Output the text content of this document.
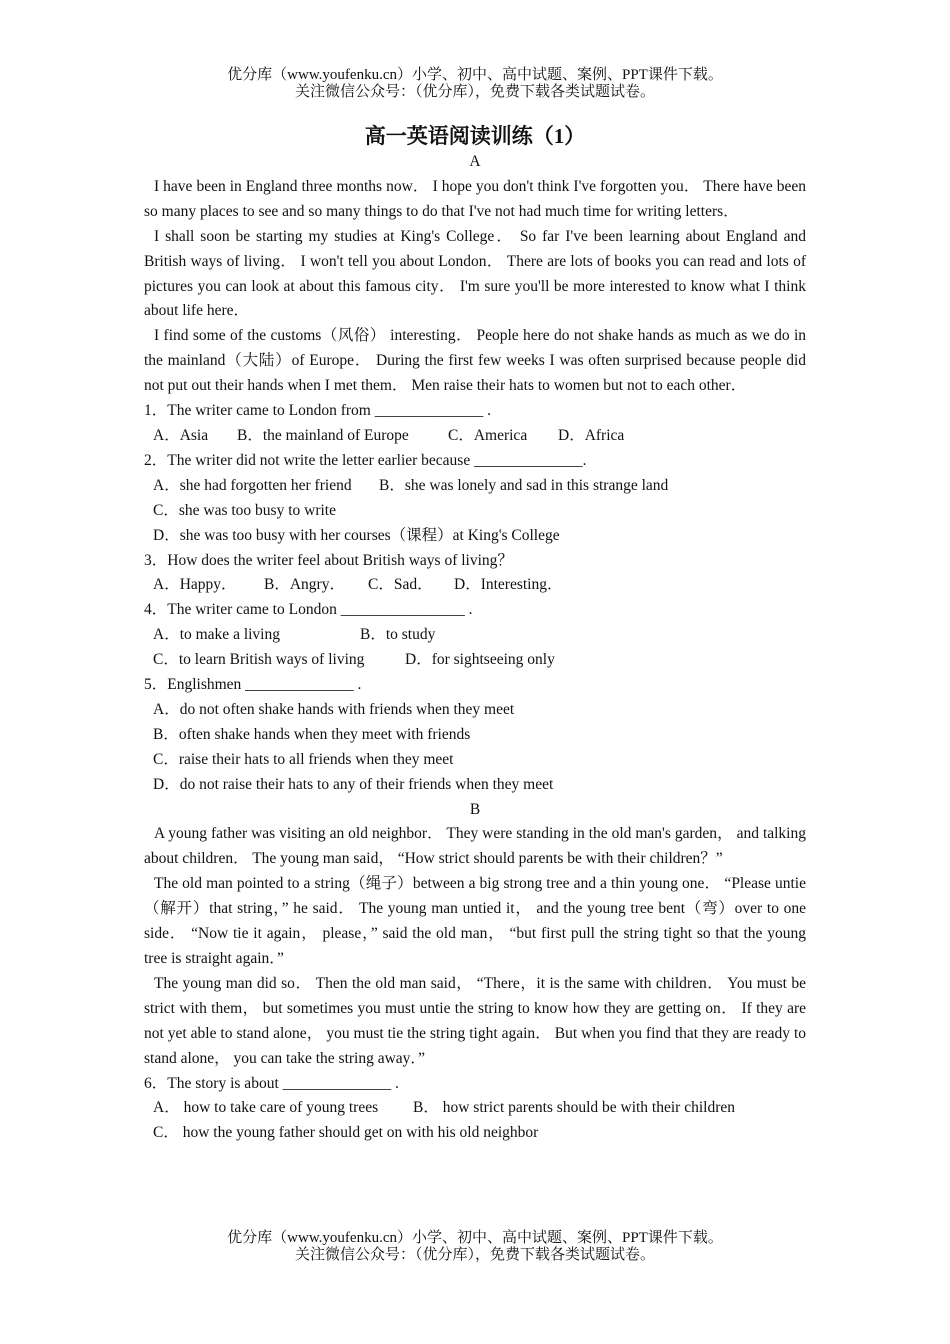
优分库（www.youfenku.cn）小学、初中、高中试题、案例、PPT课件下载。
关注微信公众号：（优分库），免费下载各类试题试卷。
高一英语阅读训练（1）
A

I have been in England three months now． I hope you don't think I've forgotten you． There have been so many places to see and so many things to do that I've not had much time for writing letters．

I shall soon be starting my studies at King's College． So far I've been learning about England and British ways of living． I won't tell you about London． There are lots of books you can read and lots of pictures you can look at about this famous city． I'm sure you'll be more interested to know what I think about life here．

I find some of the customs（风俗） interesting． People here do not shake hands as much as we do in the mainland（大陆）of Europe． During the first few weeks I was often surprised because people did not put out their hands when I met them． Men raise their hats to women but not to each other．

1．The writer came to London from ______________ .
A．Asia B．the mainland of Europe	C．America D．Africa
2．The writer did not write the letter earlier because ______________.
A．she had forgotten her friend B．she was lonely and sad in this strange land
C．she was too busy to write
D．she was too busy with her courses（课程）at King's College
3．How does the writer feel about British ways of living？
A．Happy． B．Angry． C．Sad． D．Interesting．
4．The writer came to London ________________ .
A．to make a living	B．to study
C．to learn British ways of living	D．for sightseeing only
5．Englishmen ______________ .
A．do not often shake hands with friends when they meet
B．often shake hands when they meet with friends
C．raise their hats to all friends when they meet
D．do not raise their hats to any of their friends when they meet
B

A young father was visiting an old neighbor． They were standing in the old man's garden， and talking about children． The young man said， “How strict should parents be with their children？”

The old man pointed to a string（绳子）between a big strong tree and a thin young one． “Please untie（解开）that string，” he said． The young man untied it， and the young tree bent（弯）over to one side． “Now tie it again， please，” said the old man， “but first pull the string tight so that the young tree is straight again．”

The young man did so． Then the old man said， “There，it is the same with children． You must be strict with them， but sometimes you must untie the string to know how they are getting on． If they are not yet able to stand alone， you must tie the string tight again． But when you find that they are ready to stand alone， you can take the string away．”

6．The story is about ______________ .
A． how to take care of young trees B． how strict parents should be with their children
C． how the young father should get on with his old neighbor
优分库（www.youfenku.cn）小学、初中、高中试题、案例、PPT课件下载。
关注微信公众号：（优分库），免费下载各类试题试卷。
